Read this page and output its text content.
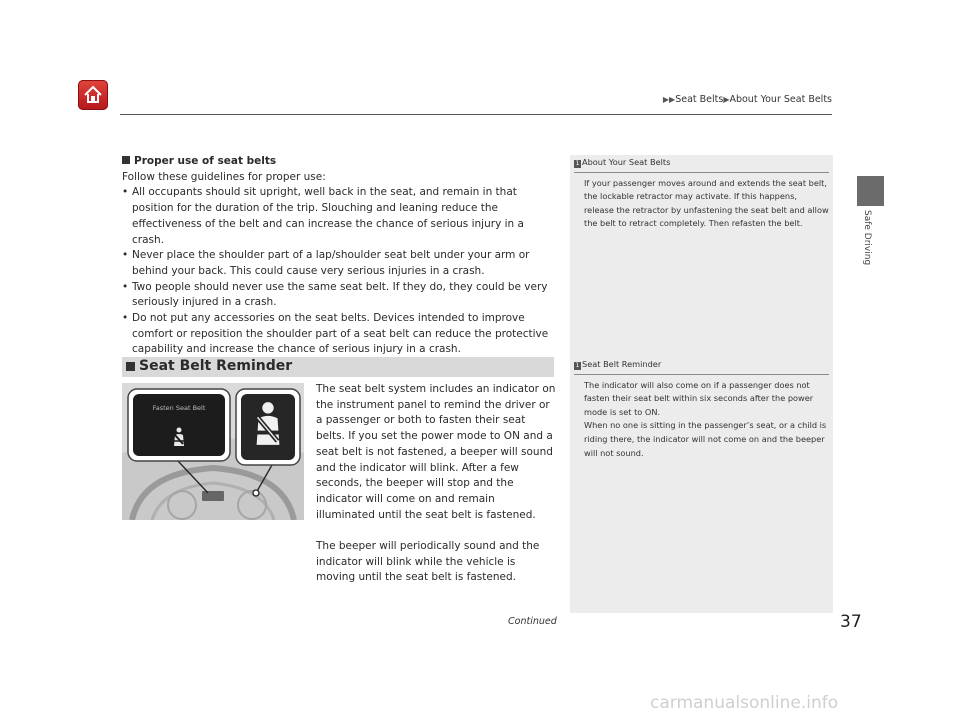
▶▶Seat Belts▶About Your Seat Belts
Safe Driving
Proper use of seat belts
Follow these guidelines for proper use:
• All occupants should sit upright, well back in the seat, and remain in that position for the duration of the trip. Slouching and leaning reduce the effectiveness of the belt and can increase the chance of serious injury in a crash.
• Never place the shoulder part of a lap/shoulder seat belt under your arm or behind your back. This could cause very serious injuries in a crash.
• Two people should never use the same seat belt. If they do, they could be very seriously injured in a crash.
• Do not put any accessories on the seat belts. Devices intended to improve comfort or reposition the shoulder part of a seat belt can reduce the protective capability and increase the chance of serious injury in a crash.
Seat Belt Reminder
Fasten Seat Belt
The seat belt system includes an indicator on the instrument panel to remind the driver or a passenger or both to fasten their seat belts. If you set the power mode to ON and a seat belt is not fastened, a beeper will sound and the indicator will blink. After a few seconds, the beeper will stop and the indicator will come on and remain illuminated until the seat belt is fastened.
The beeper will periodically sound and the indicator will blink while the vehicle is moving until the seat belt is fastened.
1 About Your Seat Belts
If your passenger moves around and extends the seat belt, the lockable retractor may activate. If this happens, release the retractor by unfastening the seat belt and allow the belt to retract completely. Then refasten the belt.
1 Seat Belt Reminder
The indicator will also come on if a passenger does not fasten their seat belt within six seconds after the power mode is set to ON.
When no one is sitting in the passenger’s seat, or a child is riding there, the indicator will not come on and the beeper will not sound.
Continued	37
carmanualsonline.info
